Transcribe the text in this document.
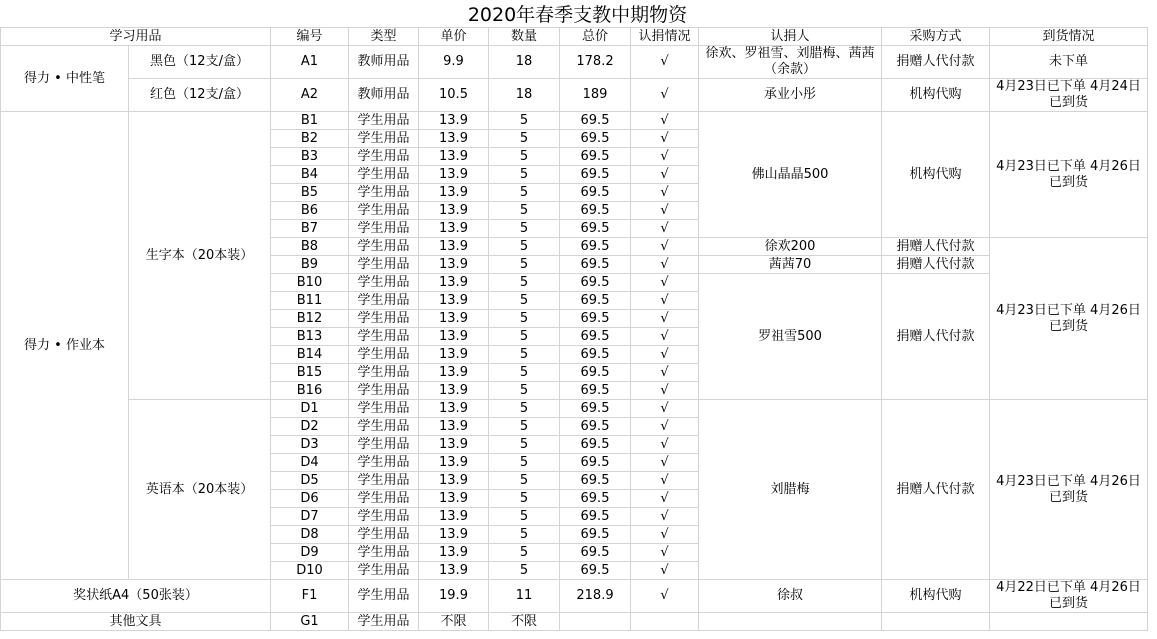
2020年春季支教中期物资
学习用品		编号	类型	单价	数量	总价	认捐情况	认捐人	采购方式	到货情况
得力 • 中性笔	黑色（12支/盒）	A1	教师用品	9.9	18	178.2	√	徐欢、罗祖雪、刘腊梅、茜茜（余款）	捐赠人代付款	未下单
	红色（12支/盒）	A2	教师用品	10.5	18	189	√	承业小彤	机构代购	4月23日已下单 4月24日已到货
得力 • 作业本	生字本（20本装）	B1	学生用品	13.9	5	69.5	√	佛山晶晶500	机构代购	4月23日已下单 4月26日已到货
		B2	学生用品	13.9	5	69.5	√			
		B3	学生用品	13.9	5	69.5	√			
		B4	学生用品	13.9	5	69.5	√			
		B5	学生用品	13.9	5	69.5	√			
		B6	学生用品	13.9	5	69.5	√			
		B7	学生用品	13.9	5	69.5	√			
		B8	学生用品	13.9	5	69.5	√	徐欢200	捐赠人代付款	4月23日已下单 4月26日已到货
		B9	学生用品	13.9	5	69.5	√	茜茜70	捐赠人代付款	
		B10	学生用品	13.9	5	69.5	√	罗祖雪500	捐赠人代付款	
		B11	学生用品	13.9	5	69.5	√			
		B12	学生用品	13.9	5	69.5	√			
		B13	学生用品	13.9	5	69.5	√			
		B14	学生用品	13.9	5	69.5	√			
		B15	学生用品	13.9	5	69.5	√			
		B16	学生用品	13.9	5	69.5	√			
	英语本（20本装）	D1	学生用品	13.9	5	69.5	√	刘腊梅	捐赠人代付款	4月23日已下单 4月26日已到货
		D2	学生用品	13.9	5	69.5	√			
		D3	学生用品	13.9	5	69.5	√			
		D4	学生用品	13.9	5	69.5	√			
		D5	学生用品	13.9	5	69.5	√			
		D6	学生用品	13.9	5	69.5	√			
		D7	学生用品	13.9	5	69.5	√			
		D8	学生用品	13.9	5	69.5	√			
		D9	学生用品	13.9	5	69.5	√			
		D10	学生用品	13.9	5	69.5	√			
奖状纸A4（50张装）		F1	学生用品	19.9	11	218.9	√	徐叔	机构代购	4月22日已下单 4月26日已到货
其他文具		G1	学生用品	不限	不限					
